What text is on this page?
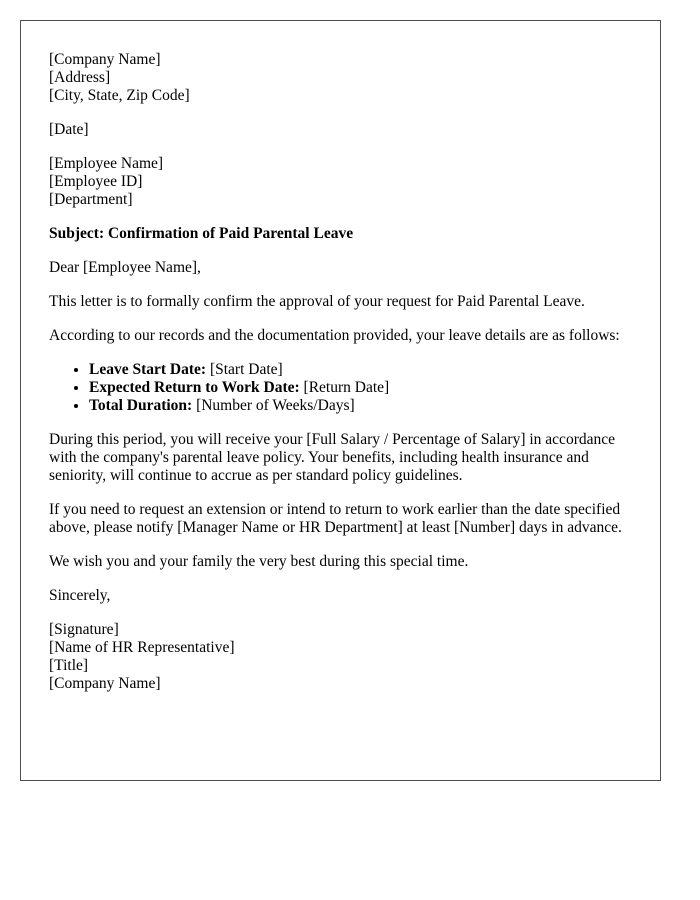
[Company Name]
[Address]
[City, State, Zip Code]
[Date]
[Employee Name]
[Employee ID]
[Department]

Subject: Confirmation of Paid Parental Leave

Dear [Employee Name],

This letter is to formally confirm the approval of your request for Paid Parental Leave.

According to our records and the documentation provided, your leave details are as follows:

• Leave Start Date: [Start Date]
• Expected Return to Work Date: [Return Date]
• Total Duration: [Number of Weeks/Days]

During this period, you will receive your [Full Salary / Percentage of Salary] in accordance with the company's parental leave policy. Your benefits, including health insurance and seniority, will continue to accrue as per standard policy guidelines.

If you need to request an extension or intend to return to work earlier than the date specified above, please notify [Manager Name or HR Department] at least [Number] days in advance.

We wish you and your family the very best during this special time.

Sincerely,

[Signature]
[Name of HR Representative]
[Title]
[Company Name]
